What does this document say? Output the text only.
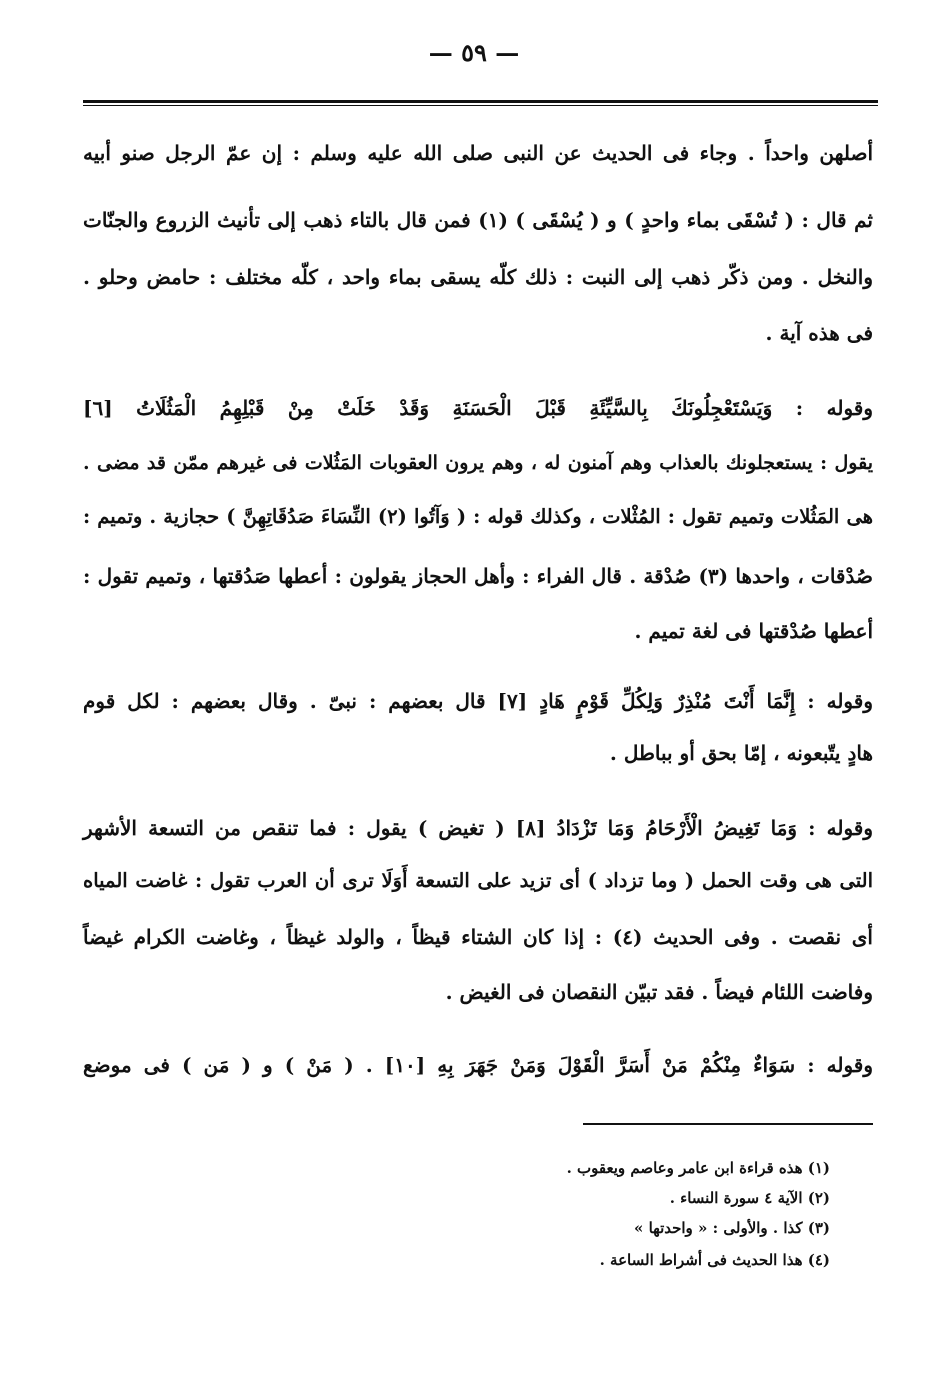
— ٥٩ —
أصلهن واحداً . وجاء فى الحديث عن النبى صلى الله عليه وسلم : إن عمّ الرجل صنو أبيه
ثم قال : ( تُسْقَى بماء واحدٍ ) و ( يُسْقَى ) (١) فمن قال بالتاء ذهب إلى تأنيث الزروع والجنّات
والنخل . ومن ذكّر ذهب إلى النبت : ذلك كلّه يسقى بماء واحد ، كلّه مختلف : حامض وحلو .
فى هذه آية .
وقوله : وَيَسْتَعْجِلُونَكَ بِالسَّيِّئَةِ قَبْلَ الْحَسَنَةِ وَقَدْ خَلَتْ مِنْ قَبْلِهِمُ الْمَثُلَاتُ [٦]
يقول : يستعجلونك بالعذاب وهم آمنون له ، وهم يرون العقوبات المَثُلات فى غيرهم ممّن قد مضى .
هى المَثُلات وتميم تقول : المُثْلات ، وكذلك قوله : ( وَآتُوا (٢) النِّسَاءَ صَدُقَاتِهِنَّ ) حجازية . وتميم :
صُدْقات ، واحدها (٣) صُدْقة . قال الفراء : وأهل الحجاز يقولون : أعطها صَدُقتها ، وتميم تقول :
أعطها صُدْقتها فى لغة تميم .
وقوله : إِنَّمَا أَنْتَ مُنْذِرٌ وَلِكُلِّ قَوْمٍ هَادٍ [٧] قال بعضهم : نبىّ . وقال بعضهم : لكل قوم
هادٍ يتّبعونه ، إمّا بحق أو بباطل .
وقوله : وَمَا تَغِيضُ الْأَرْحَامُ وَمَا تَزْدَادُ [٨] ( تغيض ) يقول : فما تنقص من التسعة الأشهر
التى هى وقت الحمل ( وما تزداد ) أى تزيد على التسعة أَوَلَا ترى أن العرب تقول : غاضت المياه
أى نقصت . وفى الحديث (٤) : إذا كان الشتاء قيظاً ، والولد غيظاً ، وغاضت الكرام غيضاً
وفاضت اللئام فيضاً . فقد تبيّن النقصان فى الغيض .
وقوله : سَوَاءٌ مِنْكُمْ مَنْ أَسَرَّ الْقَوْلَ وَمَنْ جَهَرَ بِهِ [١٠] . ( مَنْ ) و ( مَن ) فى موضع
(١) هذه قراءة ابن عامر وعاصم ويعقوب .
(٢) الآية ٤ سورة النساء .
(٣) كذا . والأولى : « واحدتها »
(٤) هذا الحديث فى أشراط الساعة .
